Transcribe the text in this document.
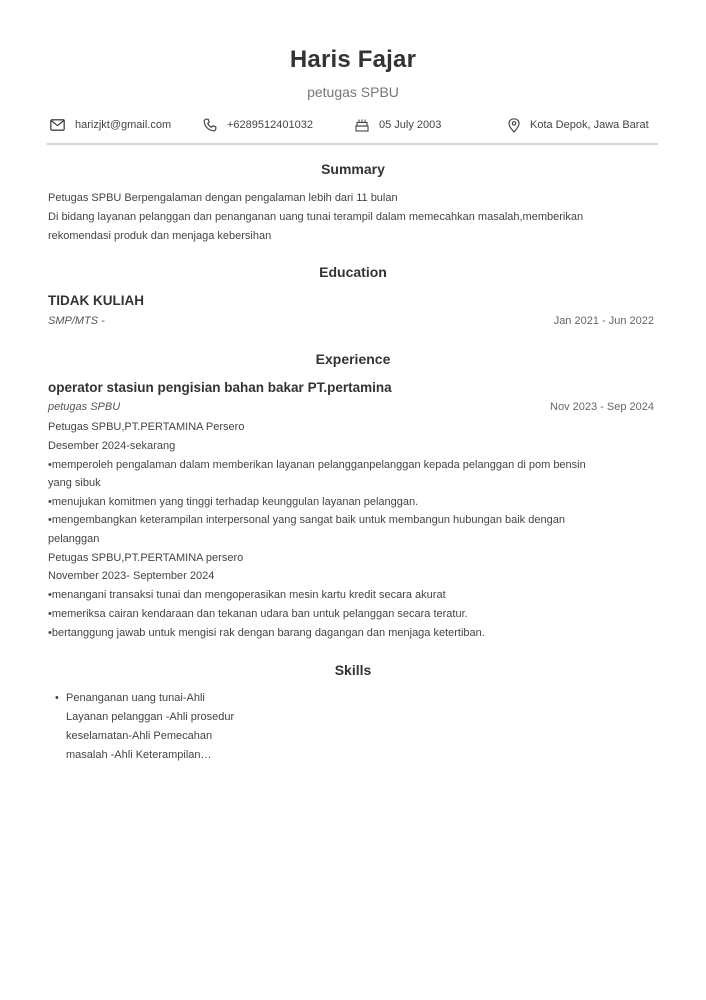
Haris Fajar
petugas SPBU
harizjkt@gmail.com	+6289512401032	05 July 2003	Kota Depok, Jawa Barat
Summary
Petugas SPBU Berpengalaman dengan pengalaman lebih dari 11 bulan
Di bidang layanan pelanggan dan penanganan uang tunai terampil dalam memecahkan masalah,memberikan
rekomendasi produk dan menjaga kebersihan
Education
TIDAK KULIAH
SMP/MTS -	Jan 2021 - Jun 2022
Experience
operator stasiun pengisian bahan bakar PT.pertamina
petugas SPBU	Nov 2023 - Sep 2024
Petugas SPBU,PT.PERTAMINA Persero
Desember 2024-sekarang
•memperoleh pengalaman dalam memberikan layanan pelangganpelanggan kepada pelanggan di pom bensin
yang sibuk
•menujukan komitmen yang tinggi terhadap keunggulan layanan pelanggan.
•mengembangkan keterampilan interpersonal yang sangat baik untuk membangun hubungan baik dengan
pelanggan
Petugas SPBU,PT.PERTAMINA persero
November 2023- September 2024
•menangani transaksi tunai dan mengoperasikan mesin kartu kredit secara akurat
•memeriksa cairan kendaraan dan tekanan udara ban untuk pelanggan secara teratur.
•bertanggung jawab untuk mengisi rak dengan barang dagangan dan menjaga ketertiban.
Skills
• Penanganan uang tunai-Ahli
Layanan pelanggan -Ahli prosedur
keselamatan-Ahli Pemecahan
masalah -Ahli Keterampilan…
